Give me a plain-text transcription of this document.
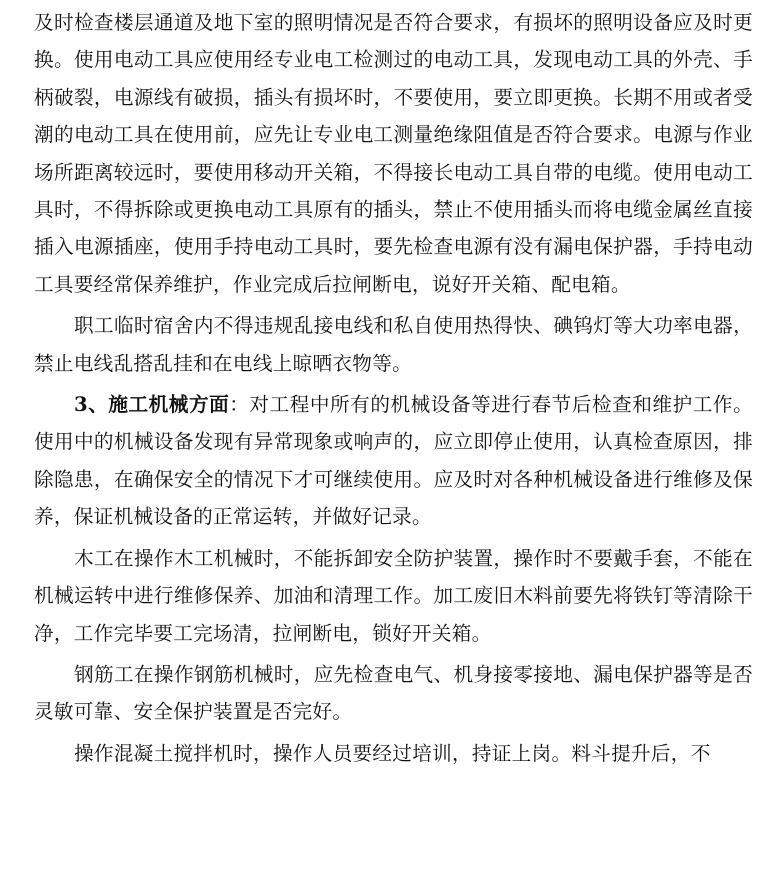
及时检查楼层通道及地下室的照明情况是否符合要求，有损坏的照明设备应及时更换。使用电动工具应使用经专业电工检测过的电动工具，发现电动工具的外壳、手柄破裂，电源线有破损，插头有损坏时，不要使用，要立即更换。长期不用或者受潮的电动工具在使用前，应先让专业电工测量绝缘阻值是否符合要求。电源与作业场所距离较远时，要使用移动开关箱，不得接长电动工具自带的电缆。使用电动工具时，不得拆除或更换电动工具原有的插头，禁止不使用插头而将电缆金属丝直接插入电源插座，使用手持电动工具时，要先检查电源有没有漏电保护器，手持电动工具要经常保养维护，作业完成后拉闸断电，说好开关箱、配电箱。

职工临时宿舍内不得违规乱接电线和私自使用热得快、碘钨灯等大功率电器，禁止电线乱搭乱挂和在电线上晾晒衣物等。

3、施工机械方面：对工程中所有的机械设备等进行春节后检查和维护工作。使用中的机械设备发现有异常现象或响声的，应立即停止使用，认真检查原因，排除隐患，在确保安全的情况下才可继续使用。应及时对各种机械设备进行维修及保养，保证机械设备的正常运转，并做好记录。

木工在操作木工机械时，不能拆卸安全防护装置，操作时不要戴手套，不能在机械运转中进行维修保养、加油和清理工作。加工废旧木料前要先将铁钉等清除干净，工作完毕要工完场清，拉闸断电，锁好开关箱。

钢筋工在操作钢筋机械时，应先检查电气、机身接零接地、漏电保护器等是否灵敏可靠、安全保护装置是否完好。

操作混凝土搅拌机时，操作人员要经过培训，持证上岗。料斗提升后，不
